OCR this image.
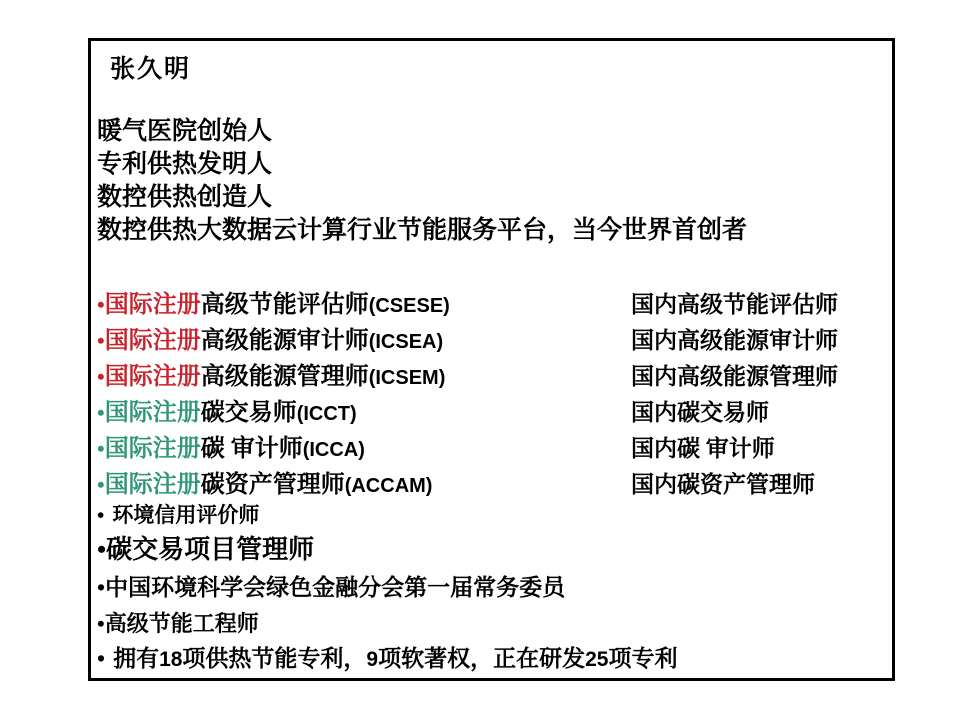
张久明
暖气医院创始人
专利供热发明人
数控供热创造人
数控供热大数据云计算行业节能服务平台，当今世界首创者
•国际注册高级节能评估师(CSESE)	国内高级节能评估师
•国际注册高级能源审计师(ICSEA)	国内高级能源审计师
•国际注册高级能源管理师(ICSEM)	国内高级能源管理师
•国际注册碳交易师(ICCT)	国内碳交易师
•国际注册碳 审计师(ICCA)	国内碳 审计师
•国际注册碳资产管理师(ACCAM)	国内碳资产管理师
• 环境信用评价师
•碳交易项目管理师
•中国环境科学会绿色金融分会第一届常务委员
•高级节能工程师
• 拥有18项供热节能专利，9项软著权，正在研发25项专利
